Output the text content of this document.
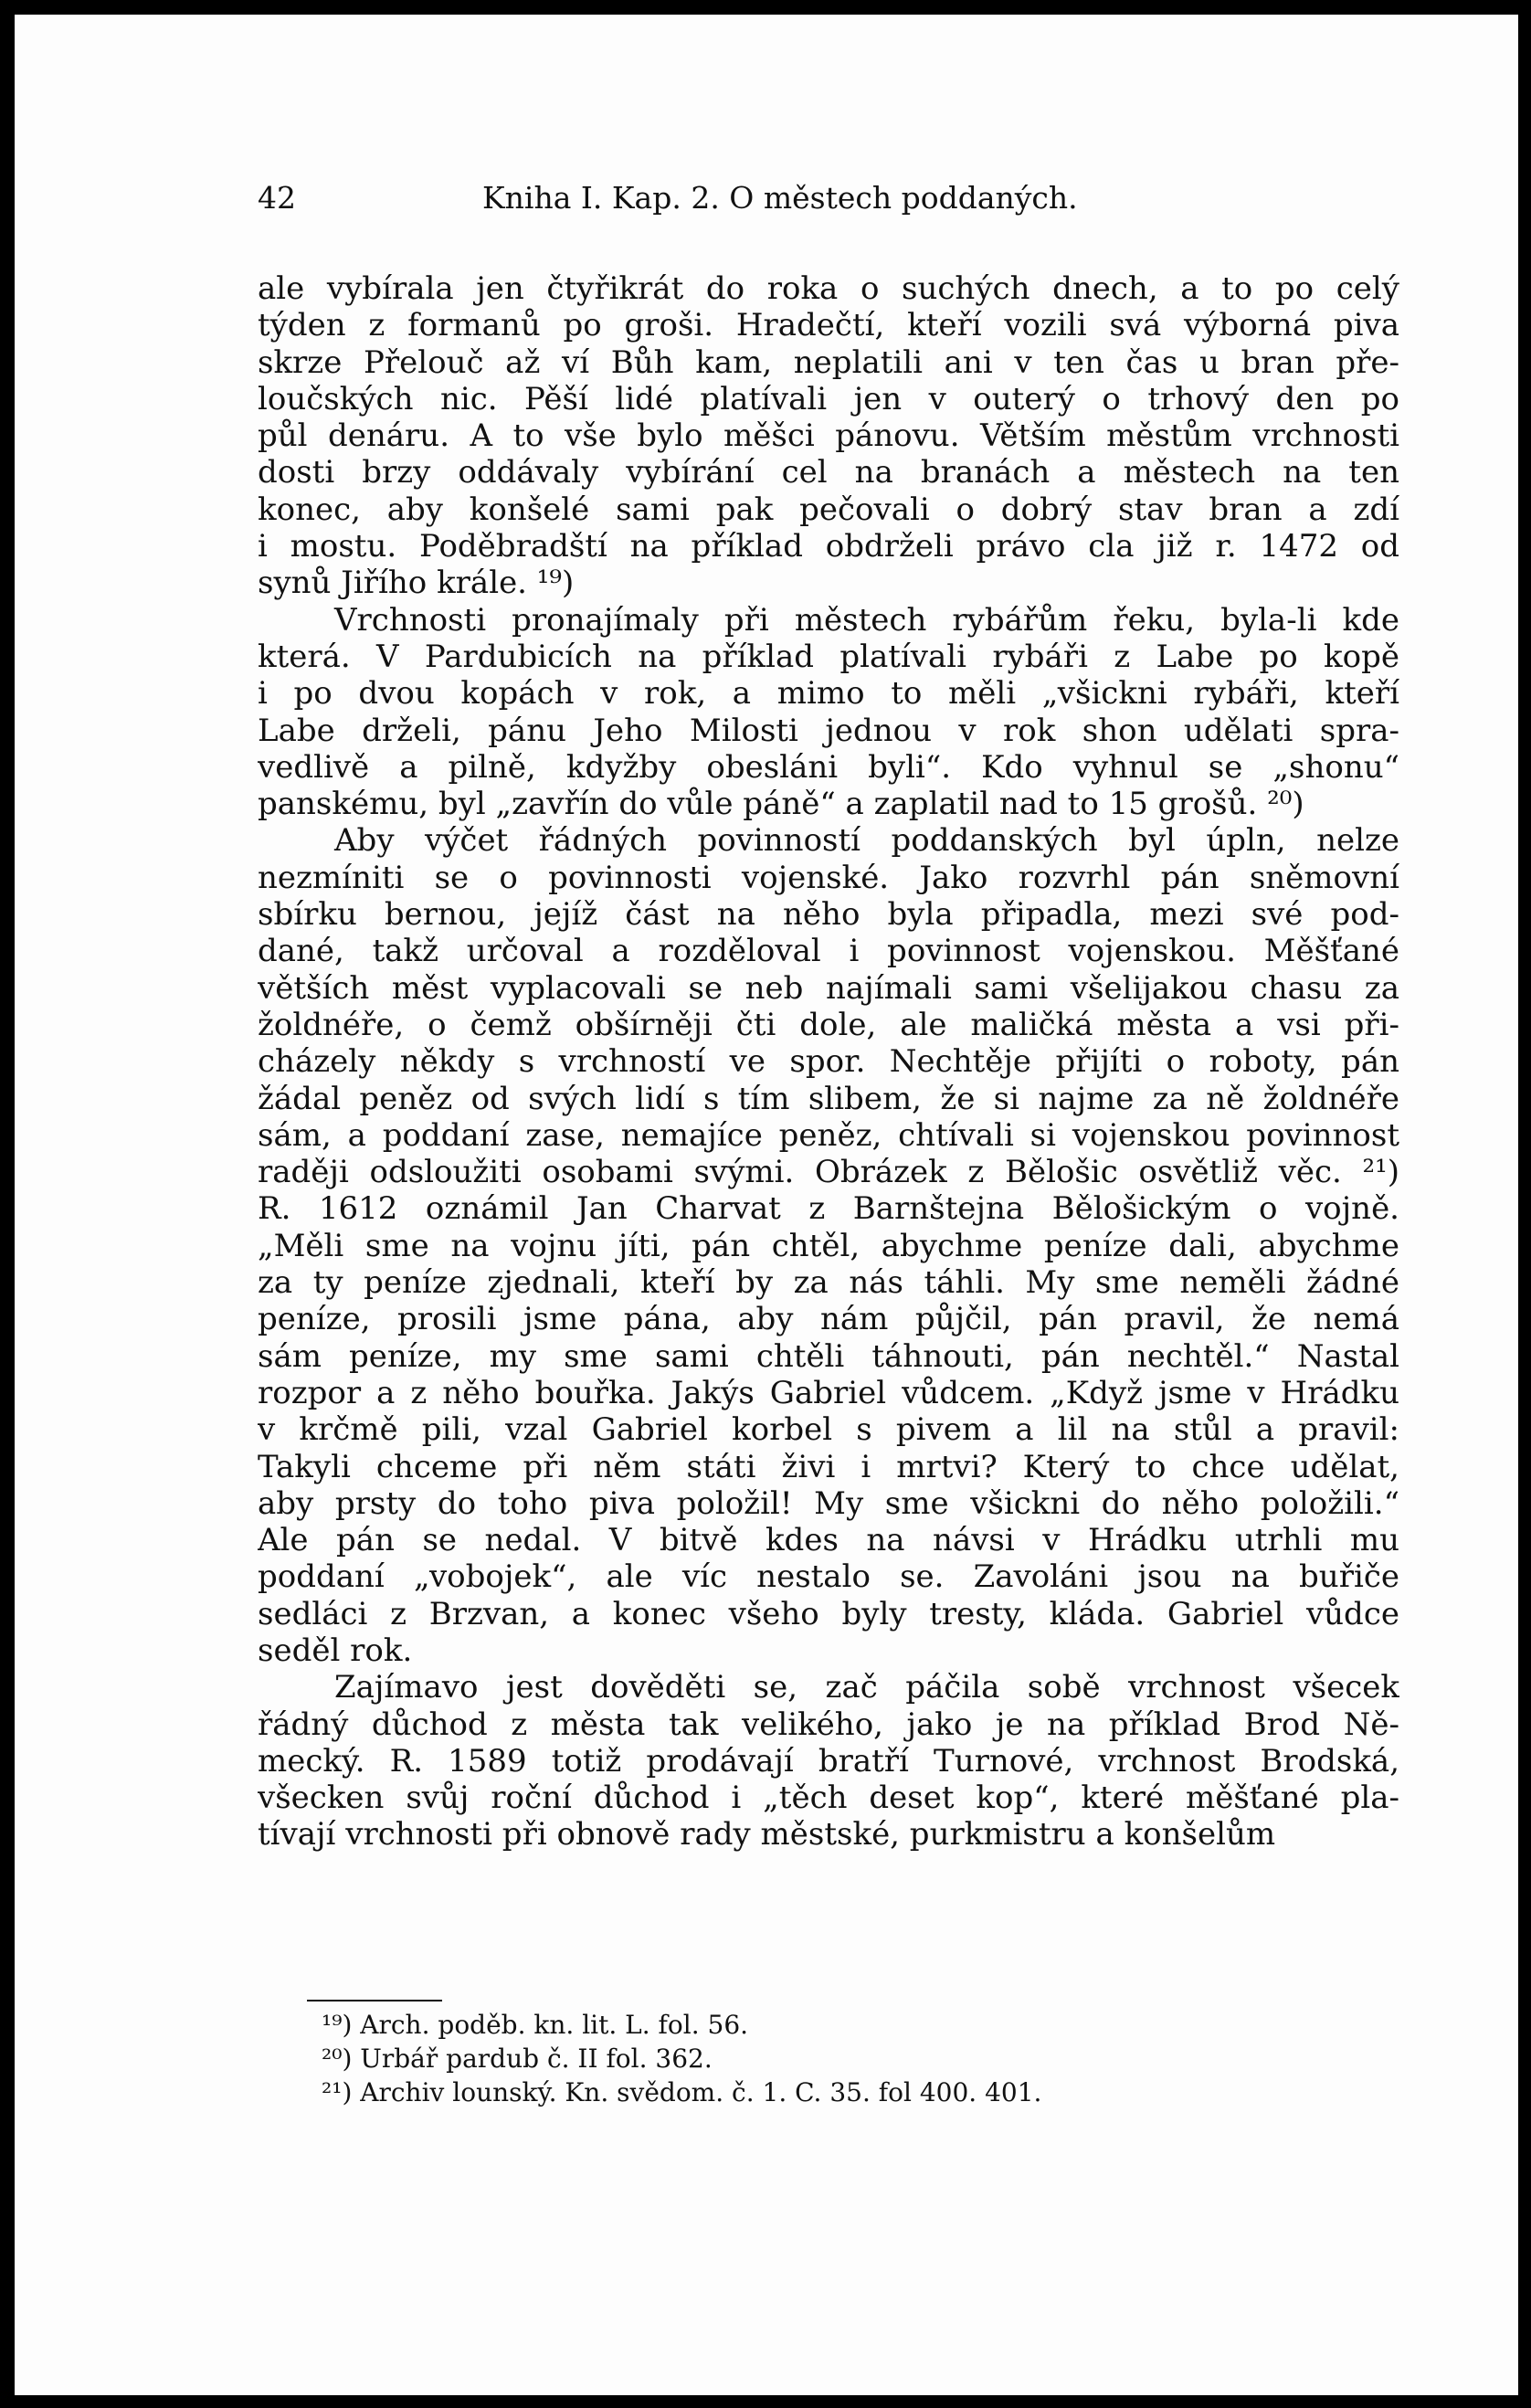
42	Kniha I. Kap. 2. O městech poddaných.
ale vybírala jen čtyřikrát do roka o suchých dnech, a to po celý
týden z formanů po groši. Hradečtí, kteří vozili svá výborná piva
skrze Přelouč až ví Bůh kam, neplatili ani v ten čas u bran pře-
loučských nic. Pěší lidé platívali jen v outerý o trhový den po
půl denáru. A to vše bylo měšci pánovu. Větším městům vrchnosti
dosti brzy oddávaly vybírání cel na branách a městech na ten
konec, aby konšelé sami pak pečovali o dobrý stav bran a zdí
i mostu. Poděbradští na příklad obdrželi právo cla již r. 1472 od
synů Jiřího krále. ¹⁹)
Vrchnosti pronajímaly při městech rybářům řeku, byla-li kde
která. V Pardubicích na příklad platívali rybáři z Labe po kopě
i po dvou kopách v rok, a mimo to měli „všickni rybáři, kteří
Labe drželi, pánu Jeho Milosti jednou v rok shon udělati spra-
vedlivě a pilně, kdyžby obesláni byli“. Kdo vyhnul se „shonu“
panskému, byl „zavřín do vůle páně“ a zaplatil nad to 15 grošů. ²⁰)
Aby výčet řádných povinností poddanských byl úpln, nelze
nezmíniti se o povinnosti vojenské. Jako rozvrhl pán sněmovní
sbírku bernou, jejíž část na něho byla připadla, mezi své pod-
dané, takž určoval a rozděloval i povinnost vojenskou. Měšťané
větších měst vyplacovali se neb najímali sami všelijakou chasu za
žoldnéře, o čemž obšírněji čti dole, ale maličká města a vsi při-
cházely někdy s vrchností ve spor. Nechtěje přijíti o roboty, pán
žádal peněz od svých lidí s tím slibem, že si najme za ně žoldnéře
sám, a poddaní zase, nemajíce peněz, chtívali si vojenskou povinnost
raději odsloužiti osobami svými. Obrázek z Bělošic osvětliž věc. ²¹)
R. 1612 oznámil Jan Charvat z Barnštejna Bělošickým o vojně.
„Měli sme na vojnu jíti, pán chtěl, abychme peníze dali, abychme
za ty peníze zjednali, kteří by za nás táhli. My sme neměli žádné
peníze, prosili jsme pána, aby nám půjčil, pán pravil, že nemá
sám peníze, my sme sami chtěli táhnouti, pán nechtěl.“ Nastal
rozpor a z něho bouřka. Jakýs Gabriel vůdcem. „Když jsme v Hrádku
v krčmě pili, vzal Gabriel korbel s pivem a lil na stůl a pravil:
Takyli chceme při něm státi živi i mrtvi? Který to chce udělat,
aby prsty do toho piva položil! My sme všickni do něho položili.“
Ale pán se nedal. V bitvě kdes na návsi v Hrádku utrhli mu
poddaní „vobojek“, ale víc nestalo se. Zavoláni jsou na buřiče
sedláci z Brzvan, a konec všeho byly tresty, kláda. Gabriel vůdce
seděl rok.
Zajímavo jest dověděti se, zač páčila sobě vrchnost všecek
řádný důchod z města tak velikého, jako je na příklad Brod Ně-
mecký. R. 1589 totiž prodávají bratří Turnové, vrchnost Brodská,
všecken svůj roční důchod i „těch deset kop“, které měšťané pla-
tívají vrchnosti při obnově rady městské, purkmistru a konšelům
¹⁹) Arch. poděb. kn. lit. L. fol. 56.
²⁰) Urbář pardub č. II fol. 362.
²¹) Archiv lounský. Kn. svědom. č. 1. C. 35. fol 400. 401.
